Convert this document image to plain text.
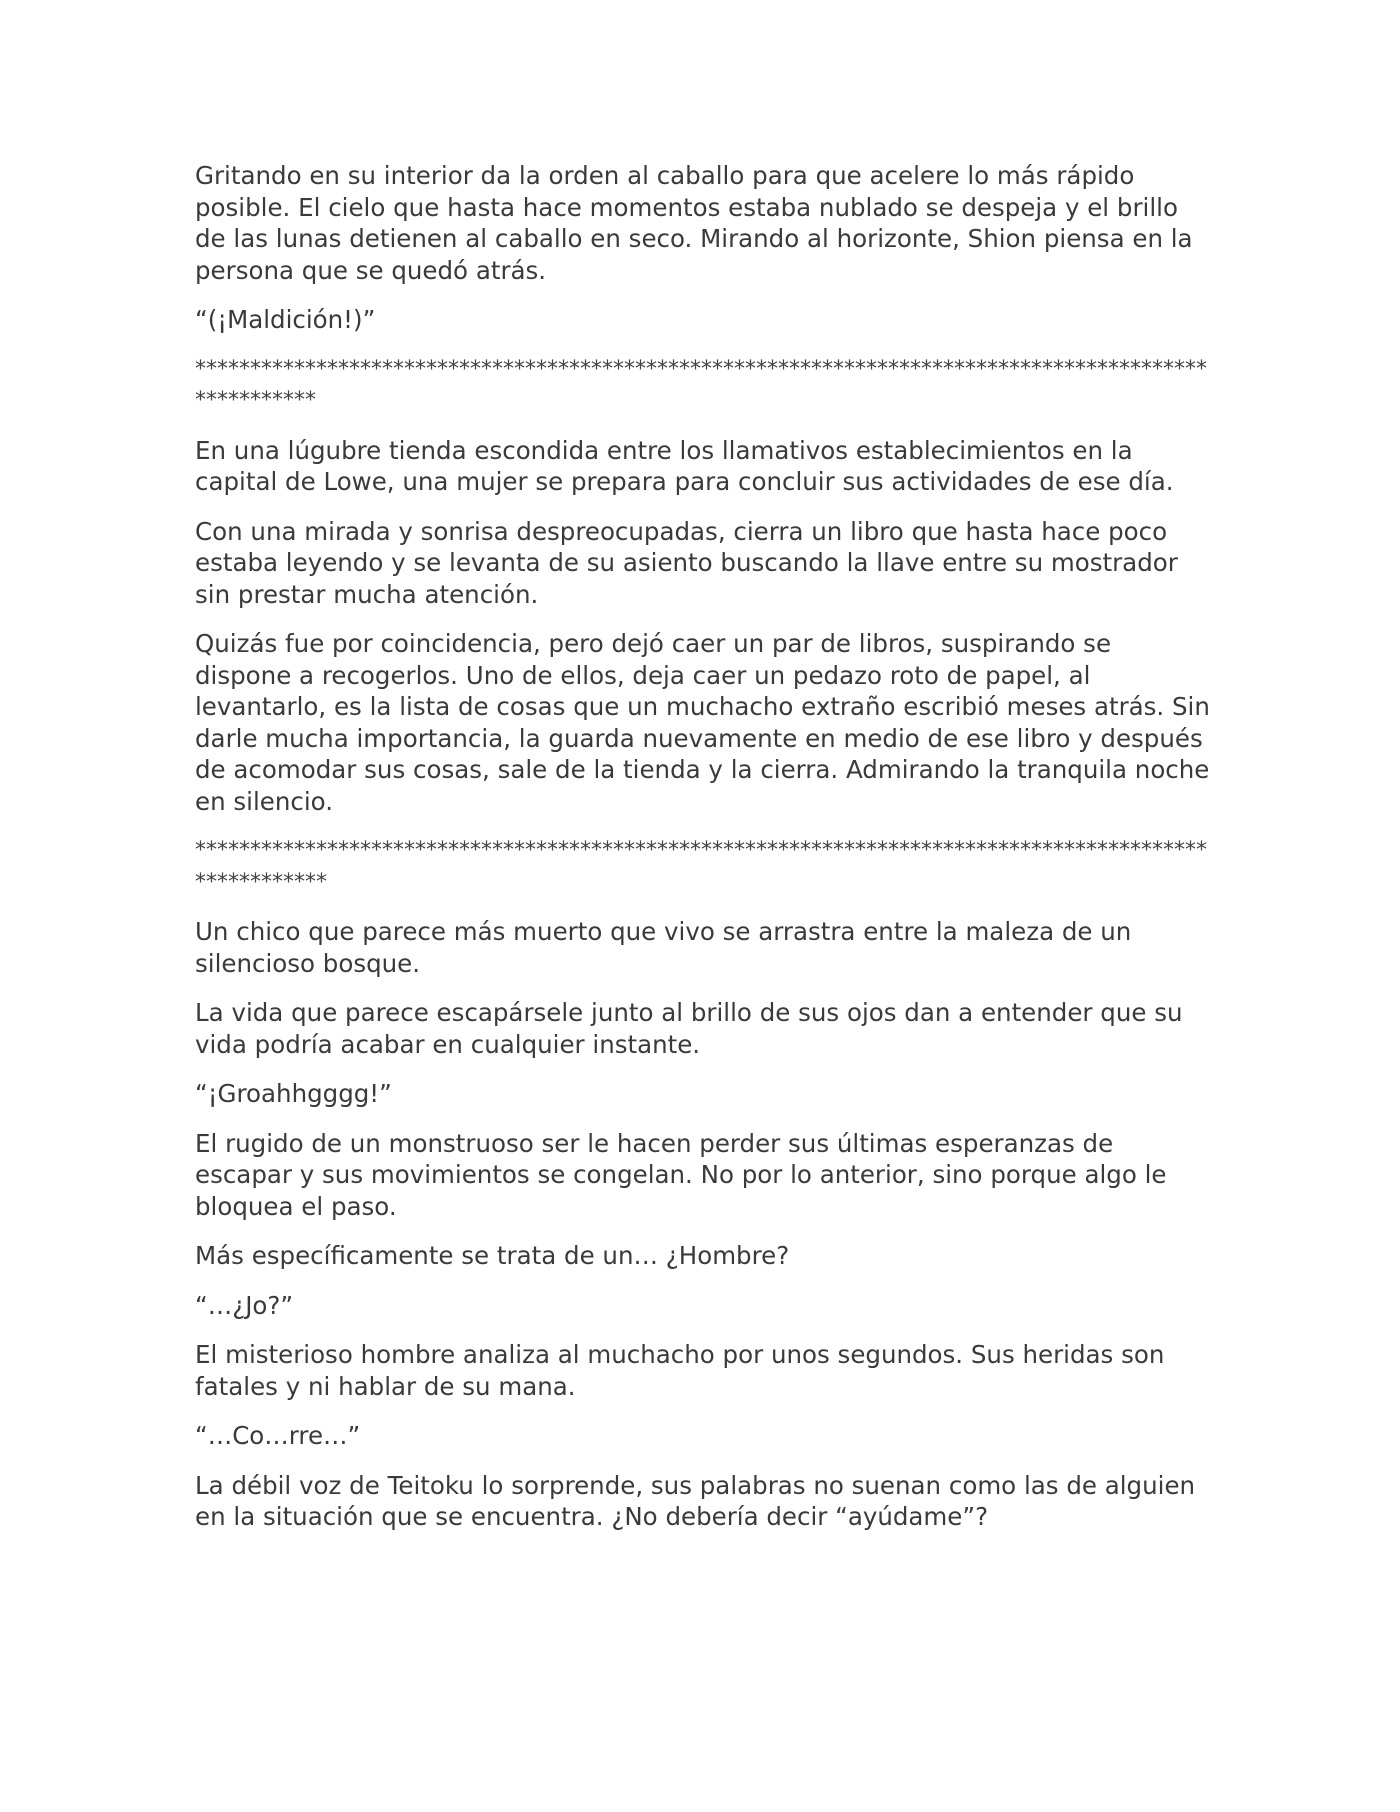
Gritando en su interior da la orden al caballo para que acelere lo más rápido posible. El cielo que hasta hace momentos estaba nublado se despeja y el brillo de las lunas detienen al caballo en seco. Mirando al horizonte, Shion piensa en la persona que se quedó atrás.

“(¡Maldición!)”

*******************************************************************************************************

En una lúgubre tienda escondida entre los llamativos establecimientos en la capital de Lowe, una mujer se prepara para concluir sus actividades de ese día.

Con una mirada y sonrisa despreocupadas, cierra un libro que hasta hace poco estaba leyendo y se levanta de su asiento buscando la llave entre su mostrador sin prestar mucha atención.

Quizás fue por coincidencia, pero dejó caer un par de libros, suspirando se dispone a recogerlos. Uno de ellos, deja caer un pedazo roto de papel, al levantarlo, es la lista de cosas que un muchacho extraño escribió meses atrás. Sin darle mucha importancia, la guarda nuevamente en medio de ese libro y después de acomodar sus cosas, sale de la tienda y la cierra. Admirando la tranquila noche en silencio.

********************************************************************************************************

Un chico que parece más muerto que vivo se arrastra entre la maleza de un silencioso bosque.

La vida que parece escapársele junto al brillo de sus ojos dan a entender que su vida podría acabar en cualquier instante.

“¡Groahhgggg!”

El rugido de un monstruoso ser le hacen perder sus últimas esperanzas de escapar y sus movimientos se congelan. No por lo anterior, sino porque algo le bloquea el paso.

Más específicamente se trata de un… ¿Hombre?

“…¿Jo?”

El misterioso hombre analiza al muchacho por unos segundos. Sus heridas son fatales y ni hablar de su mana.

“…Co…rre…”

La débil voz de Teitoku lo sorprende, sus palabras no suenan como las de alguien en la situación que se encuentra. ¿No debería decir “ayúdame”?
